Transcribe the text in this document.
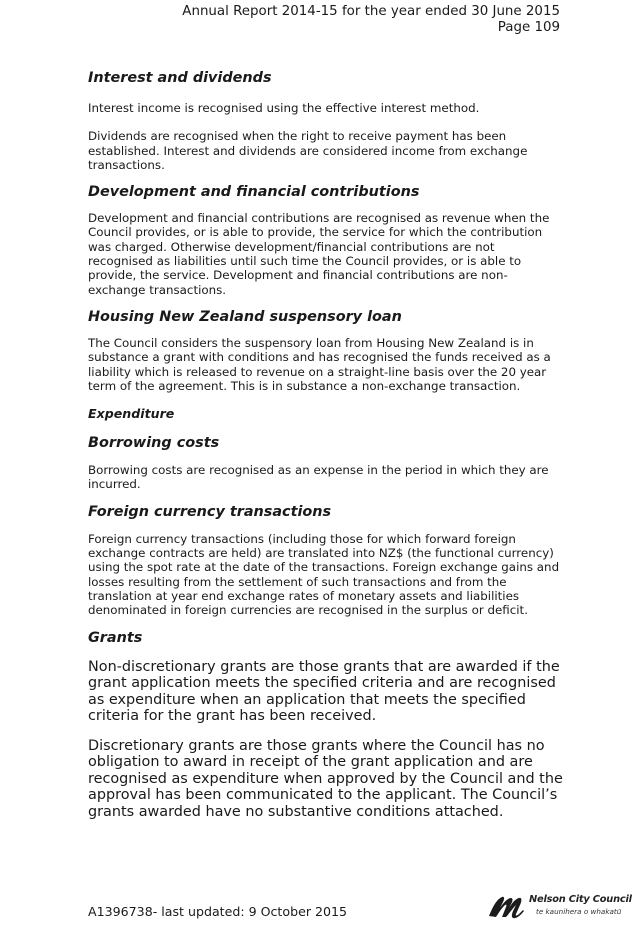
Annual Report 2014-15 for the year ended 30 June 2015
Page 109
Interest and dividends

Interest income is recognised using the effective interest method.

Dividends are recognised when the right to receive payment has been established. Interest and dividends are considered income from exchange transactions.

Development and financial contributions

Development and financial contributions are recognised as revenue when the Council provides, or is able to provide, the service for which the contribution was charged. Otherwise development/financial contributions are not recognised as liabilities until such time the Council provides, or is able to provide, the service. Development and financial contributions are non-exchange transactions.

Housing New Zealand suspensory loan

The Council considers the suspensory loan from Housing New Zealand is in substance a grant with conditions and has recognised the funds received as a liability which is released to revenue on a straight-line basis over the 20 year term of the agreement. This is in substance a non-exchange transaction.

Expenditure
Borrowing costs

Borrowing costs are recognised as an expense in the period in which they are incurred.

Foreign currency transactions

Foreign currency transactions (including those for which forward foreign exchange contracts are held) are translated into NZ$ (the functional currency) using the spot rate at the date of the transactions. Foreign exchange gains and losses resulting from the settlement of such transactions and from the translation at year end exchange rates of monetary assets and liabilities denominated in foreign currencies are recognised in the surplus or deficit.

Grants

Non-discretionary grants are those grants that are awarded if the grant application meets the specified criteria and are recognised as expenditure when an application that meets the specified criteria for the grant has been received.

Discretionary grants are those grants where the Council has no obligation to award in receipt of the grant application and are recognised as expenditure when approved by the Council and the approval has been communicated to the applicant. The Council’s grants awarded have no substantive conditions attached.

A1396738- last updated: 9 October 2015
Nelson City Council
te kaunihera o whakatū
